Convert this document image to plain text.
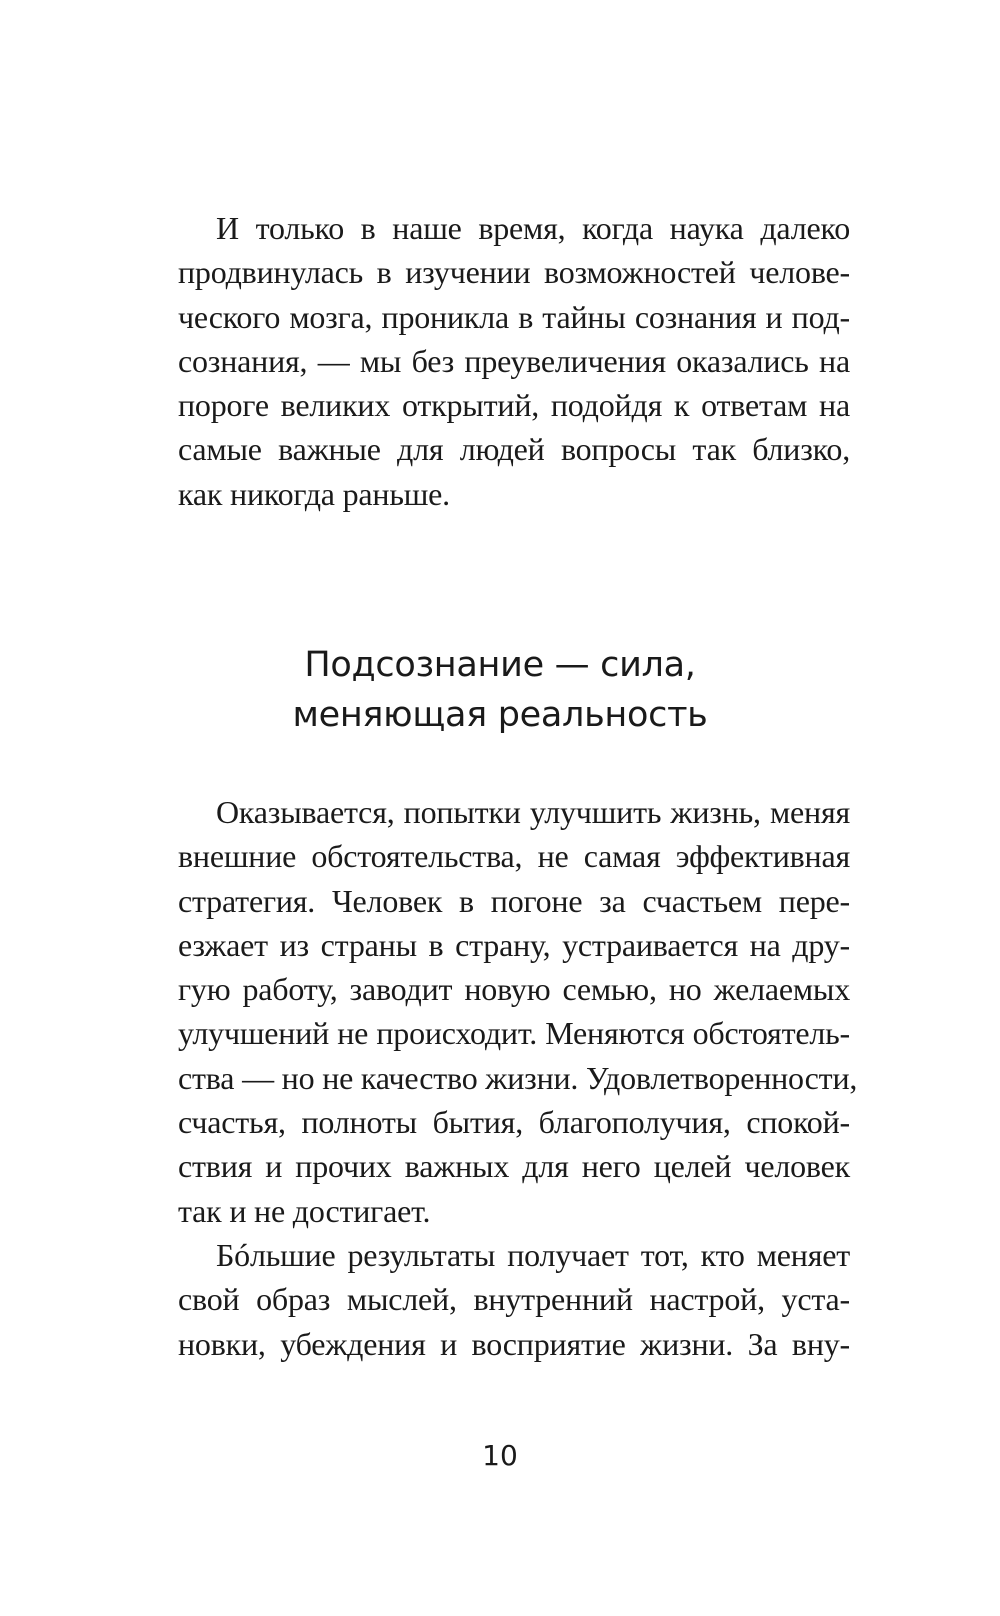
И только в наше время, когда наука далеко
продвинулась в изучении возможностей челове-
ческого мозга, проникла в тайны сознания и под-
сознания, — мы без преувеличения оказались на
пороге великих открытий, подойдя к ответам на
самые важные для людей вопросы так близко,
как никогда раньше.
Подсознание — сила,
меняющая реальность
Оказывается, попытки улучшить жизнь, меняя
внешние обстоятельства, не самая эффективная
стратегия. Человек в погоне за счастьем пере-
езжает из страны в страну, устраивается на дру-
гую работу, заводит новую семью, но желаемых
улучшений не происходит. Меняются обстоятель-
ства — но не качество жизни. Удовлетворенности,
счастья, полноты бытия, благополучия, спокой-
ствия и прочих важных для него целей человек
так и не достигает.
Бóльшие результаты получает тот, кто меняет
свой образ мыслей, внутренний настрой, уста-
новки, убеждения и восприятие жизни. За вну-
10
